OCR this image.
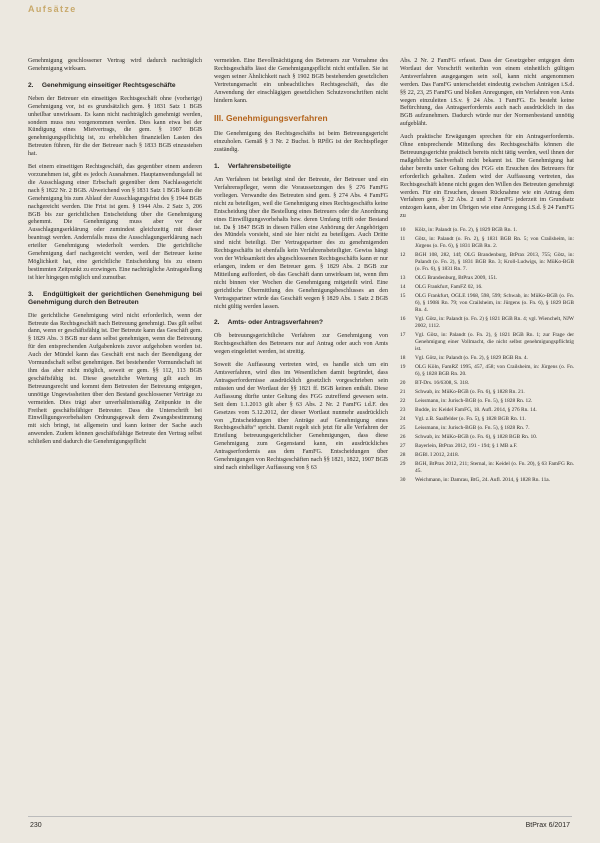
Aufsätze

Genehmigung geschlossener Vertrag wird dadurch nachträglich Genehmigung wirksam.

2. Genehmigung einseitiger Rechtsgeschäfte

Neben der Betreuer ein einseitiges Rechtsgeschäft ohne (vorherige) Genehmigung vor, ist es grundsätzlich gem. § 1831 Satz 1 BGB unheilbar unwirksam. Es kann nicht nachträglich genehmigt werden, sondern muss neu vorgenommen werden. Dies kann etwa bei der Kündigung eines Mietvertrags, die gem. § 1907 BGB genehmigungspflichtig ist, zu erheblichen finanziellen Lasten des Betreuten führen, für die der Betreuer nach § 1833 BGB einzustehen hat.

Bei einem einseitigen Rechtsgeschäft, das gegenüber einem anderen vorzunehmen ist, gibt es jedoch Ausnahmen. Hauptanwendungsfall ist die Ausschlagung einer Erbschaft gegenüber dem Nachlassgericht nach § 1822 Nr. 2 BGB. Abweichend von § 1831 Satz 1 BGB kann die Genehmigung bis zum Ablauf der Ausschlagungsfrist des § 1944 BGB nachgereicht werden. Die Frist ist gem. § 1944 Abs. 2 Satz 3, 206 BGB bis zur gerichtlichen Entscheidung über die Genehmigung gehemmt. Die Genehmigung muss aber vor der Ausschlagungserklärung oder zumindest gleichzeitig mit dieser beantragt werden. Andernfalls muss die Ausschlagungserklärung nach erteilter Genehmigung wiederholt werden. Die gerichtliche Genehmigung darf nachgereicht werden, weil der Betreuer keine Möglichkeit hat, eine gerichtliche Entscheidung bis zu einem bestimmten Zeitpunkt zu erzwingen. Eine nachträgliche Antragstellung ist hier hingegen möglich und zumutbar.

3. Endgültigkeit der gerichtlichen Genehmigung bei Genehmigung durch den Betreuten

Die gerichtliche Genehmigung wird nicht erforderlich, wenn der Betreute das Rechtsgeschäft nach Betreuung genehmigt. Das gilt selbst dann, wenn er geschäftsfähig ist. Der Betreute kann das Geschäft gem. § 1829 Abs. 3 BGB nur dann selbst genehmigen, wenn die Betreuung für den entsprechenden Aufgabenkreis zuvor aufgehoben worden ist. Auch der Mündel kann das Geschäft erst nach der Beendigung der Vormundschaft selbst genehmigen. Bei bestehender Vormundschaft ist ihm das aber nicht möglich, soweit er gem. §§ 112, 113 BGB geschäftsfähig ist. Diese gesetzliche Wertung gilt auch im Betreuungsrecht und kommt dem Betreuten der Betreuung entgegen, unnötige Ungewissheiten über den Bestand geschlossener Verträge zu vermeiden. Dies trägt aber unverhältnismäßig Zeitpunkte in die Freiheit geschäftsfähiger Betreuter. Dass die Unterschrift bei Einwilligungsvorbehalten Ordnungsgewalt dem Zwangsbestimmung mit sich bringt, ist allgemein und kann keiner der Sache auch anwenden. Zudem können geschäftsfähige Betreute den Vertrag selbst schließen und dadurch die Genehmigungspflicht

vermeiden. Eine Bevollmächtigung des Betreuers zur Vornahme des Rechtsgeschäfts lässt die Genehmigungspflicht nicht entfallen. Sie ist wegen seiner Ähnlichkeit nach § 1902 BGB bestehenden gesetzlichen Vertretungsmacht ein unbeachtliches Rechtsgeschäft, das die Anwendung der einschlägigen gesetzlichen Schutzvorschriften nicht hindern kann.

III. Genehmigungsverfahren

Die Genehmigung des Rechtsgeschäfts ist beim Betreuungsgericht einzuholen. Gemäß § 3 Nr. 2 Buchst. b RPflG ist der Rechtspfleger zuständig.

1. Verfahrensbeteiligte

Am Verfahren ist beteiligt sind der Betreute, der Betreuer und ein Verfahrenspfleger, wenn die Voraussetzungen des § 276 FamFG vorliegen. Verwandte des Betreuten sind gem. § 274 Abs. 4 FamFG nicht zu beteiligen, weil die Genehmigung eines Rechtsgeschäfts keine Entscheidung über die Bestellung eines Betreuers oder die Anordnung eines Einwilligungsvorbehalts bzw. deren Umfang trifft oder Bestand ist. Da § 1847 BGB in diesen Fällen eine Anhörung der Angehörigen des Mündels vorsieht, sind sie hier nicht zu beteiligen. Auch Dritte sind nicht beteiligt. Der Vertragspartner des zu genehmigenden Rechtsgeschäfts ist ebenfalls kein Verfahrensbeteiligter. Gewiss hängt von der Wirksamkeit des abgeschlossenen Rechtsgeschäfts kann er nur erlangen, indem er den Betreuer gem. § 1829 Abs. 2 BGB zur Mitteilung auffordert, ob das Geschäft dann unwirksam ist, wenn ihm nicht binnen vier Wochen die Genehmigung mitgeteilt wird. Eine gerichtliche Übermittlung des Genehmigungsbeschlusses an den Vertragspartner würde das Geschäft wegen § 1829 Abs. 1 Satz 2 BGB nicht gültig werden lassen.

2. Amts- oder Antragsverfahren?

Ob betreuungsgerichtliche Verfahren zur Genehmigung von Rechtsgeschäften des Betreuers nur auf Antrag oder auch von Amts wegen eingeleitet werden, ist streitig.

Soweit die Auffassung vertreten wird, es handle sich um ein Amtsverfahren, wird dies im Wesentlichen damit begründet, dass Antragserfordernisse ausdrücklich gesetzlich vorgeschrieben sein müssten und der Wortlaut der §§ 1821 ff. BGB keinen enthält. Diese Auffassung dürfte unter Geltung des FGG zutreffend gewesen sein. Seit dem 1.1.2013 gilt aber § 63 Abs. 2 Nr. 2 FamFG i.d.F. des Gesetzes vom 5.12.2012, der dieser Wortlaut nunmehr ausdrücklich von „Entscheidungen über Anträge auf Genehmigung eines Rechtsgeschäfts“ spricht. Damit regelt sich jetzt für alle Verfahren der Erteilung betreuungsgerichtlicher Genehmigungen, dass diese Genehmigung zum Gegenstand kann, ein ausdrückliches Antragserfordernis aus dem FamFG. Entscheidungen über Genehmigungen von Rechtsgeschäften nach §§ 1821, 1822, 1907 BGB sind nach einhelliger Auffassung von § 63

Abs. 2 Nr. 2 FamFG erfasst. Dass der Gesetzgeber entgegen dem Wortlaut der Vorschrift weiterhin von einem einheitlich gültigen Amtsverfahren ausgegangen sein soll, kann nicht angenommen werden. Das FamFG unterscheidet eindeutig zwischen Anträgen i.S.d. §§ 22, 23, 25 FamFG und bloßen Anregungen, ein Verfahren von Amts wegen einzuleiten i.S.v. § 24 Abs. 1 FamFG. Es besteht keine Befürchtung, das Antragserfordernis auch nach ausdrücklich in das BGB aufzunehmen. Dadurch würde nur der Normenbestand unnötig aufgebläht.

Auch praktische Erwägungen sprechen für ein Antragserfordernis. Ohne entsprechende Mitteilung des Rechtsgeschäfts können die Betreuungsgerichte praktisch bereits nicht tätig werden, weil ihnen der maßgebliche Sachverhalt nicht bekannt ist. Die Genehmigung hat daher bereits unter Geltung des FGG ein Ersuchen des Betreuers für erforderlich gehalten. Zudem wird der Auffassung vertreten, das Rechtsgeschäft könne nicht gegen den Willen des Betreuten genehmigt werden. Für ein Ersuchen, dessen Rücknahme wie ein Antrag dem Verfahren gem. § 22 Abs. 2 und 3 FamFG jederzeit im Grundsatz entzogen kann, aber im Übrigen wie eine Anregung i.S.d. § 24 FamFG zu

10	Kölz, in: Palandt (o. Fn. 2), § 1829 BGB Rn. 1.
11	Götz, in: Palandt (o. Fn. 2), § 1831 BGB Rn. 5; von Crailsheim, in: Jürgens (o. Fn. 6), § 1831 BGB Rn. 2.
12	BGH 108, 282, 14f; OLG Brandenburg, BtPrax 2013, 755; Götz, in: Palandt (o. Fn. 2), § 1831 BGB Rn. 3; Kroll-Ludwigs, in: MüKo-BGB (o. Fn. 6), § 1831 Rn. 7.
13	OLG Brandenburg, BtPrax 2009, 151.
14	OLG Frankfurt, FamFZ 02, 16.
15	OLG Frankfurt, OGLE 1968, 598, 599; Schwab, in: MüKo-BGB (o. Fn. 6), § 1908i Rn. 79; von Crailsheim, in: Jürgens (o. Fn. 6), § 1829 BGB Rn. 4.
16	Vgl. Götz, in: Palandt (o. Fn. 2) § 1821 BGB Rn. 4; vgl. Wienchelt, NJW 2002, 1112.
17	Vgl. Götz, in: Palandt (o. Fn. 2), § 1821 BGB Rn. 1; zur Frage der Genehmigung einer Vollmacht, die nicht selbst genehmigungspflichtig ist.
18	Vgl. Götz, in: Palandt (o. Fn. 2), § 1829 BGB Rn. 4.
19	OLG Köln, FamRZ 1995, 457, 458; von Crailsheim, in: Jürgens (o. Fn. 6), § 1828 BGB Rn. 20.
20	BT-Drs. 16/6308, S. 318.
21	Schwab, in: MüKo-BGB (o. Fn. 6), § 1828 Rn. 21.
22	Leissmann, in: Jurisch-BGB (o. Fn. 5), § 1828 Rn. 12.
23	Budde, in: Keidel FamFG, 18. Aufl. 2014, § 276 Rn. 14.
24	Vgl. z.B. Saalfelder (o. Fn. 5), § 1828 BGB Rn. 11.
25	Leissmann, in: Jurisch-BGB (o. Fn. 5), § 1828 Rn. 7.
26	Schwab, in: MüKo-BGB (o. Fn. 6), § 1828 BGB Rn. 10.
27	Bayerlein, BtPrax 2012, 191 - 194; § 1 MB a.F.
28	BGBl. I 2012, 2418.
29	BGH, BtPrax 2012, 211; Sternal, in: Keidel (o. Fn. 20), § 63 FamFG Rn. 45.
30	Weichmann, in: Damrau, BtG, 24. Aufl. 2014, § 1828 Rn. 11a.
230	BtPrax 6/2017
